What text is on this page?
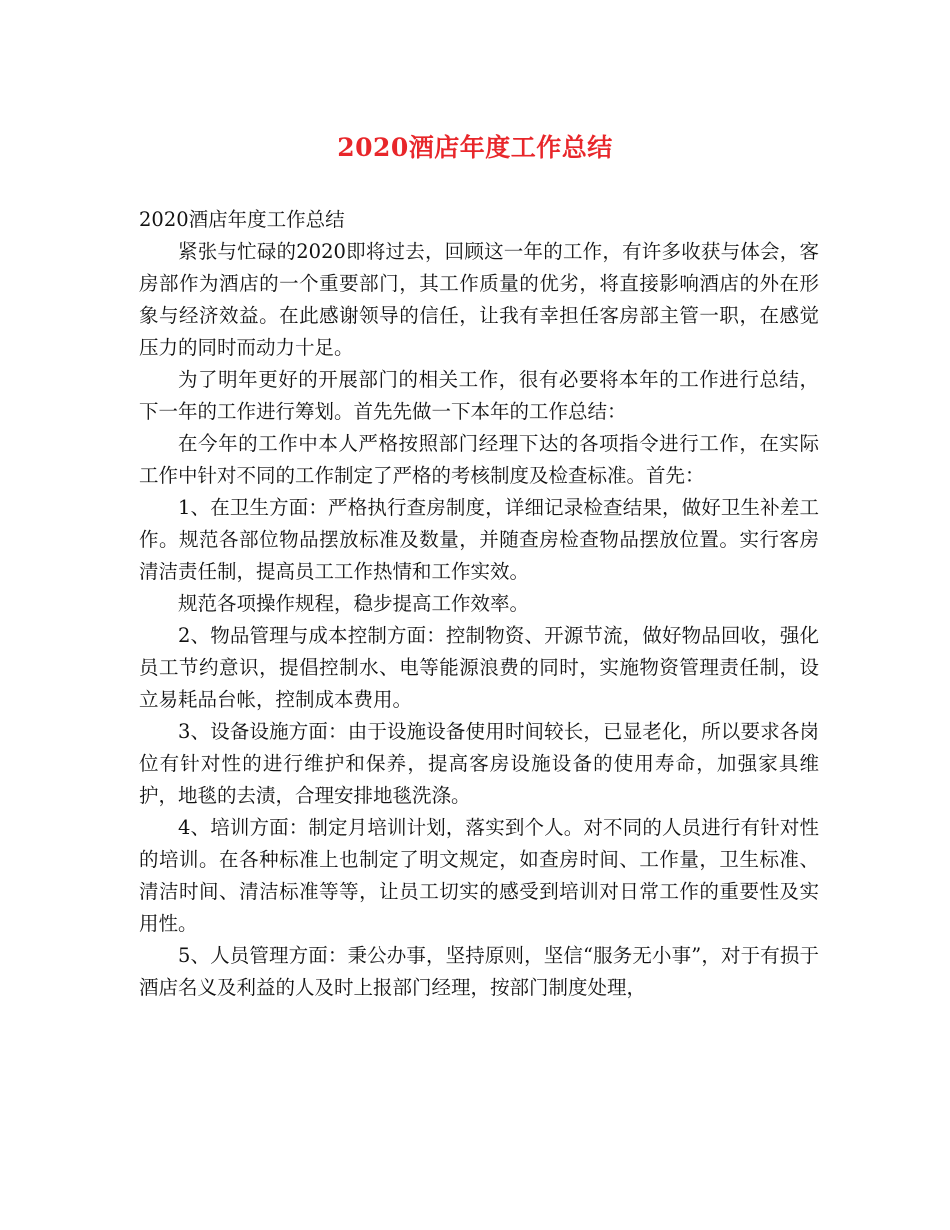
2020酒店年度工作总结

2020酒店年度工作总结

紧张与忙碌的2020即将过去，回顾这一年的工作，有许多收获与体会，客房部作为酒店的一个重要部门，其工作质量的优劣，将直接影响酒店的外在形象与经济效益。在此感谢领导的信任，让我有幸担任客房部主管一职，在感觉压力的同时而动力十足。

为了明年更好的开展部门的相关工作，很有必要将本年的工作进行总结，下一年的工作进行筹划。首先先做一下本年的工作总结：

在今年的工作中本人严格按照部门经理下达的各项指令进行工作，在实际工作中针对不同的工作制定了严格的考核制度及检查标准。首先：

1、在卫生方面：严格执行查房制度，详细记录检查结果，做好卫生补差工作。规范各部位物品摆放标准及数量，并随查房检查物品摆放位置。实行客房清洁责任制，提高员工工作热情和工作实效。

规范各项操作规程，稳步提高工作效率。

2、物品管理与成本控制方面：控制物资、开源节流，做好物品回收，强化员工节约意识，提倡控制水、电等能源浪费的同时，实施物资管理责任制，设立易耗品台帐，控制成本费用。

3、设备设施方面：由于设施设备使用时间较长，已显老化，所以要求各岗位有针对性的进行维护和保养，提高客房设施设备的使用寿命，加强家具维护，地毯的去渍，合理安排地毯洗涤。

4、培训方面：制定月培训计划，落实到个人。对不同的人员进行有针对性的培训。在各种标准上也制定了明文规定，如查房时间、工作量，卫生标准、清洁时间、清洁标准等等，让员工切实的感受到培训对日常工作的重要性及实用性。

5、人员管理方面：秉公办事，坚持原则，坚信“服务无小事”，对于有损于酒店名义及利益的人及时上报部门经理，按部门制度处理，
